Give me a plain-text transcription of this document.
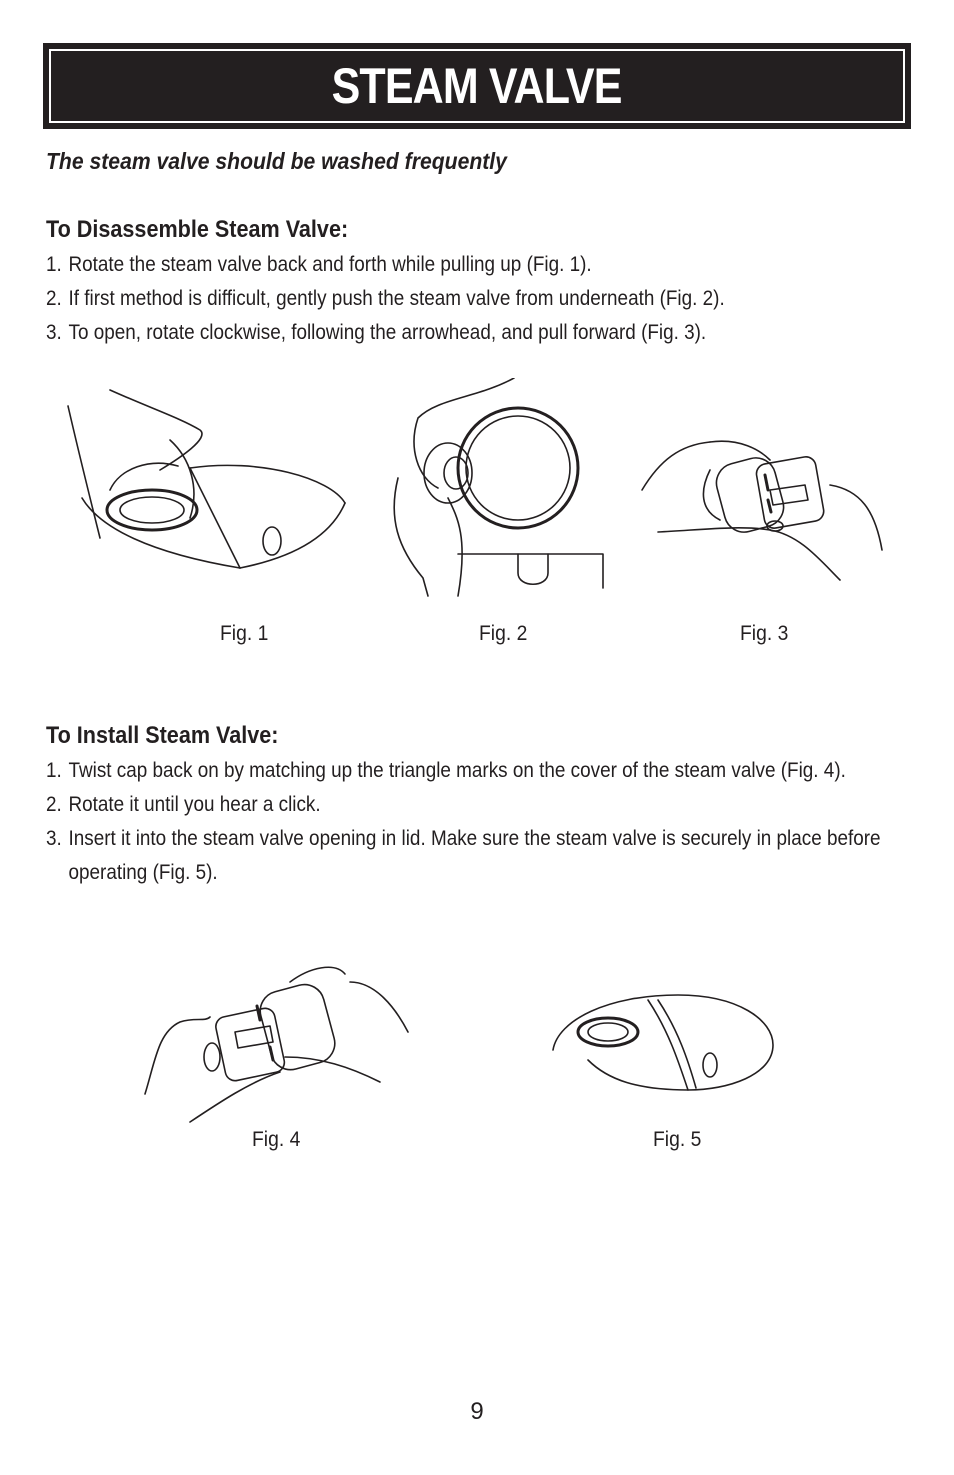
STEAM VALVE
The steam valve should be washed frequently
To Disassemble Steam Valve:
1. Rotate the steam valve back and forth while pulling up (Fig. 1).
2. If first method is difficult, gently push the steam valve from underneath (Fig. 2).
3. To open, rotate clockwise, following the arrowhead, and pull forward (Fig. 3).
Fig. 1	Fig. 2	Fig. 3
To Install Steam Valve:
1. Twist cap back on by matching up the triangle marks on the cover of the steam valve (Fig. 4).
2. Rotate it until you hear a click.
3. Insert it into the steam valve opening in lid. Make sure the steam valve is securely in place before operating (Fig. 5).
Fig. 4	Fig. 5
9
